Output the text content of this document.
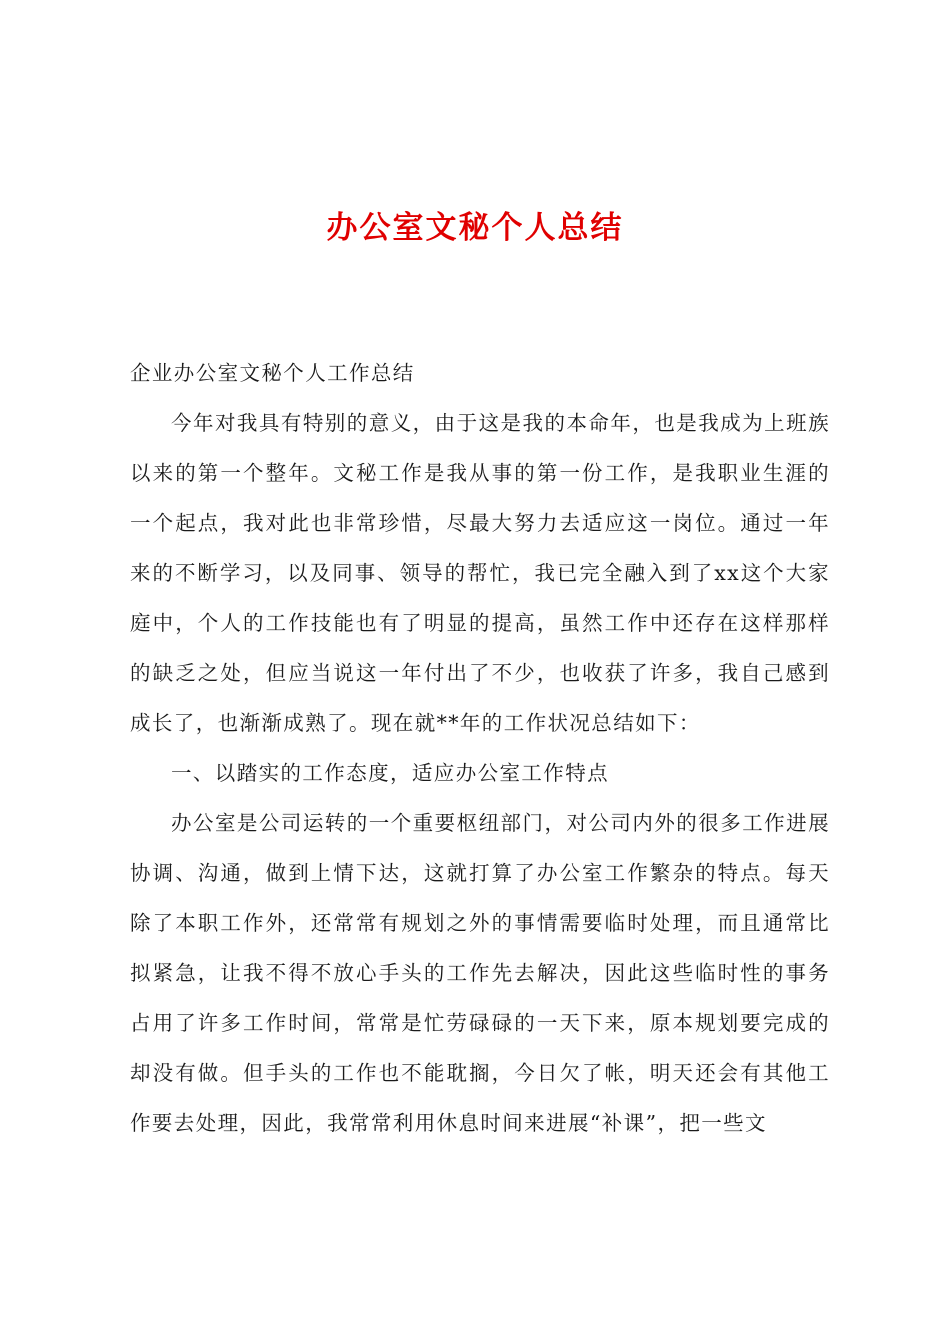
办公室文秘个人总结

企业办公室文秘个人工作总结

今年对我具有特别的意义，由于这是我的本命年，也是我成为上班族以来的第一个整年。文秘工作是我从事的第一份工作，是我职业生涯的一个起点，我对此也非常珍惜，尽最大努力去适应这一岗位。通过一年来的不断学习，以及同事、领导的帮忙，我已完全融入到了xx这个大家庭中，个人的工作技能也有了明显的提高，虽然工作中还存在这样那样的缺乏之处，但应当说这一年付出了不少，也收获了许多，我自己感到成长了，也渐渐成熟了。现在就**年的工作状况总结如下：

一、以踏实的工作态度，适应办公室工作特点

办公室是公司运转的一个重要枢纽部门，对公司内外的很多工作进展协调、沟通，做到上情下达，这就打算了办公室工作繁杂的特点。每天除了本职工作外，还常常有规划之外的事情需要临时处理，而且通常比拟紧急，让我不得不放心手头的工作先去解决，因此这些临时性的事务占用了许多工作时间，常常是忙劳碌碌的一天下来，原本规划要完成的却没有做。但手头的工作也不能耽搁，今日欠了帐，明天还会有其他工作要去处理，因此，我常常利用休息时间来进展“补课”，把一些文
